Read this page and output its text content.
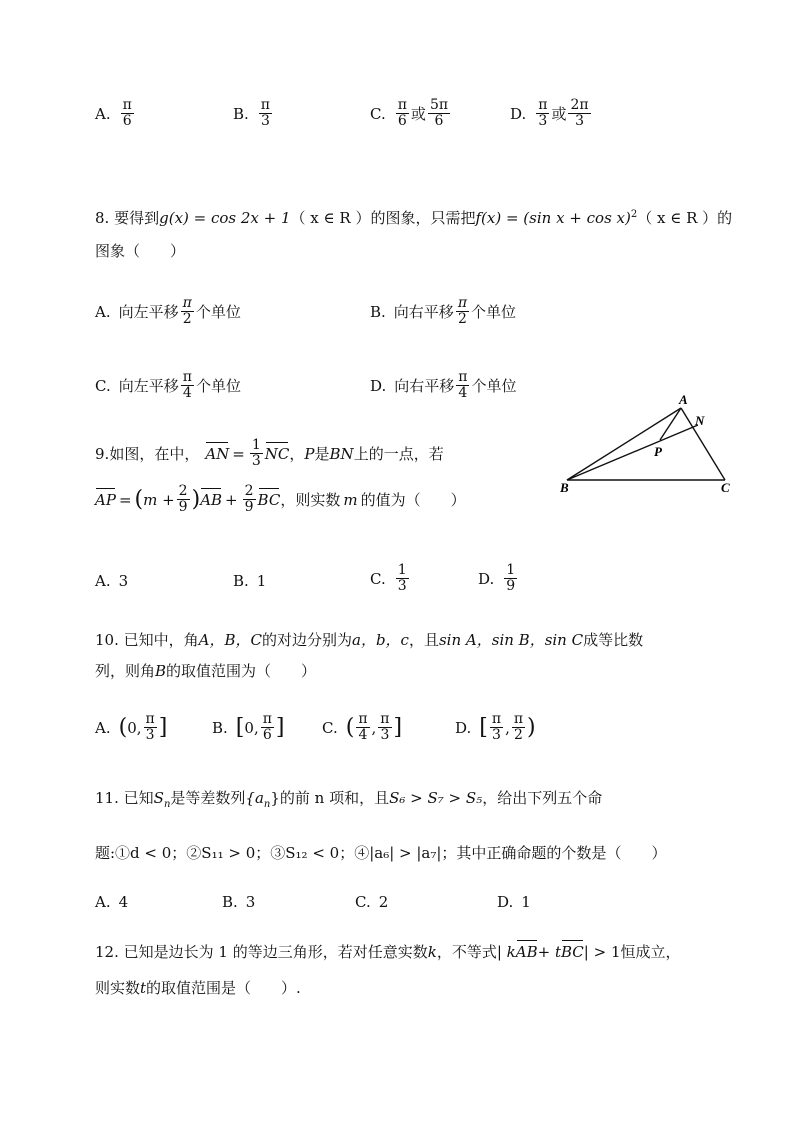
A. $\frac{\pi}{6}$	B. $\frac{\pi}{3}$	C. $\frac{\pi}{6}$ 或 $\frac{5\pi}{6}$	D. $\frac{\pi}{3}$ 或 $\frac{2\pi}{3}$
8. 要得到g(x) = cos 2x + 1（ x ∈ R ）的图象，只需把f(x) = (sin x + cos x)$^2$（ x ∈ R ）的
图象（　　）
A. 向左平移 $\frac{\pi}{2}$ 个单位	B. 向右平移 $\frac{\pi}{2}$ 个单位
C. 向左平移 $\frac{\pi}{4}$ 个单位	D. 向右平移 $\frac{\pi}{4}$ 个单位
9. 如图，在中， AN = $\frac{1}{3}$ NC ， P 是 BN 上的一点，若
AP = ( $m + \frac{2}{9}$ ) AB + $\frac{2}{9}$ BC ，则实数 m 的值为（　　）
A
N
P
B	C
A. 3	B. 1	C. $\frac{1}{3}$	D. $\frac{1}{9}$
10. 已知中，角A，B，C的对边分别为a，b，c，且sin A，sin B，sin C成等比数
列，则角B的取值范围为（　　）
A. ( 0 , $\frac{\pi}{3}$ ]	B. [ 0 , $\frac{\pi}{6}$ ] C. ( $\frac{\pi}{4}$ , $\frac{\pi}{3}$ ]	D. [ $\frac{\pi}{3}$ , $\frac{\pi}{2}$ )
11. 已知$S_n$是等差数列$\{a_n\}$的前 n 项和，且S₆ > S₇ > S₅，给出下列五个命
题:①d < 0；②S₁₁ > 0；③S₁₂ < 0；④|a₆| > |a₇|；其中正确命题的个数是（　　）
A. 4	B. 3	C. 2	D. 1
12.
已知是边长为 1 的等边三角形，若对任意实数 k ，不等式 | k AB + t BC | > 1 恒成立，
则实数t的取值范围是（　　）.
